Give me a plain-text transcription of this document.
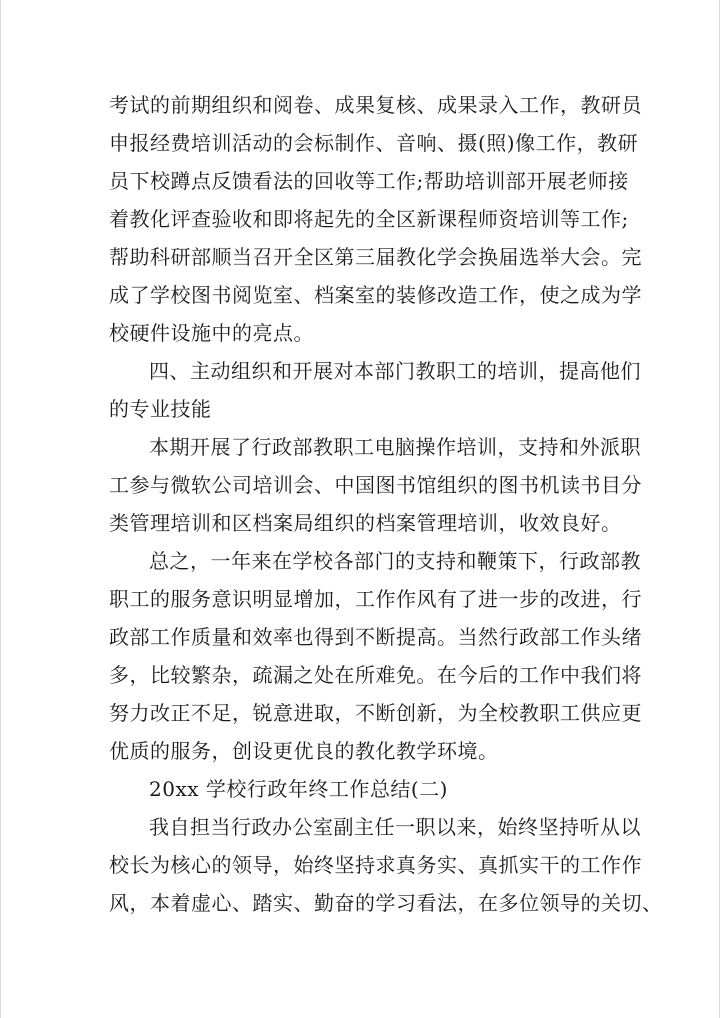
考试的前期组织和阅卷、成果复核、成果录入工作，教研员
申报经费培训活动的会标制作、音响、摄(照)像工作，教研
员下校蹲点反馈看法的回收等工作;帮助培训部开展老师接
着教化评查验收和即将起先的全区新课程师资培训等工作;
帮助科研部顺当召开全区第三届教化学会换届选举大会。完
成了学校图书阅览室、档案室的装修改造工作，使之成为学
校硬件设施中的亮点。
四、主动组织和开展对本部门教职工的培训，提高他们
的专业技能
本期开展了行政部教职工电脑操作培训，支持和外派职
工参与微软公司培训会、中国图书馆组织的图书机读书目分
类管理培训和区档案局组织的档案管理培训，收效良好。
总之，一年来在学校各部门的支持和鞭策下，行政部教
职工的服务意识明显增加，工作作风有了进一步的改进，行
政部工作质量和效率也得到不断提高。当然行政部工作头绪
多，比较繁杂，疏漏之处在所难免。在今后的工作中我们将
努力改正不足，锐意进取，不断创新，为全校教职工供应更
优质的服务，创设更优良的教化教学环境。
20xx 学校行政年终工作总结(二)
我自担当行政办公室副主任一职以来，始终坚持听从以
校长为核心的领导，始终坚持求真务实、真抓实干的工作作
风，本着虚心、踏实、勤奋的学习看法，在多位领导的关切、
